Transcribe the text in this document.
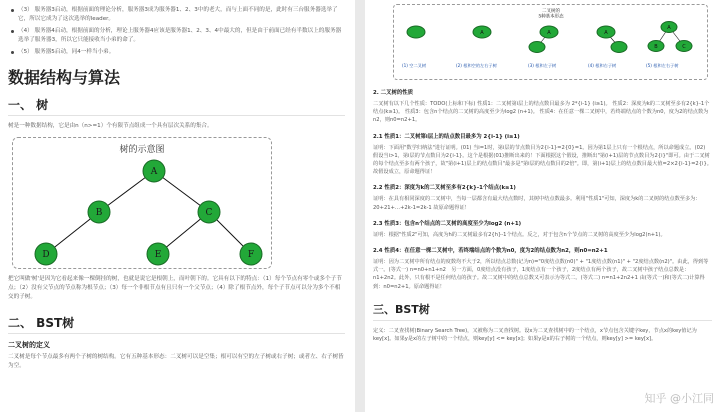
（3） 服务器3启动，根据前面的理论分析，服务器3成为服务器1、2、3中的老大，而与上面不同的是，此时有三台服务器选举了它，所以它成为了这次选举的leader。
（4） 服务器4启动，根据前面的分析，理论上服务器4应该是服务器1、2、3、4中最大的，但是由于前面已经有半数以上的服务器选举了服务器3，所以它只能接收当小弟的命了。
（5） 服务器5启动，同4一样当小弟。
数据结构与算法
一、 树
树是一种数据结构，它是由n（n>=1）个有限节点组成一个具有层次关系的集合。
树的示意图
A
B	C
D	E	F
把它叫做'树'是因为它看起来像一棵倒挂的树，也就是说它是根朝上，而叶朝下的。它具有以下的特点：（1）每个节点有零个或多个子节点；（2）没有父节点的节点称为根节点；（3）每一个非根节点有且只有一个父节点；（4）除了根节点外，每个子节点可以分为多个不相交的子树。
二、 BST树
二叉树的定义
二叉树是每个节点最多有两个子树的树结构。它有五种基本形态：二叉树可以是空集；根可以有空的左子树或右子树；或者左、右子树皆为空。
二叉树的
5种基本形态
A	A	A
A
B	C
(1) 空二叉树	(2) 根和空的左右子树	(3) 根和左子树	(4) 根和右子树	(5) 根和左右子树
2. 二叉树的性质
二叉树有以下几个性质：TODO(上标和下标) 性质1：二叉树第i层上的结点数目最多为 2*{i-1} (i≥1)。 性质2：深度为k的二叉树至多有2{k}-1个结点(k≥1)。 性质3：包含n个结点的二叉树的高度至少为log2 (n+1)。 性质4：在任意一棵二叉树中，若终端结点的个数为n0，度为2的结点数为n2，则n0=n2+1。
2.1 性质1：二叉树第i层上的结点数目最多为 2{i-1} (i≥1)
证明：下面用"数学归纳法"进行证明。(01) 当i=1时，第i层的节点数目为2{i-1}=2{0}=1。因为第1层上只有一个根结点，所以命题成立。(02) 假设当i>1，第i层的节点数目为2{i-1}。这个是根据(01)推断出来的！下面根据这个假设，推断出"第(i+1)层的节点数目为2{i}"即可。由于二叉树的每个结点至多有两个孩子，故"第(i+1)层上的结点数目"最多是"第i层的结点数目的2倍"。即，第(i+1)层上的结点数目最大值=2×2{i-1}=2{i}。故假设成立，原命题得证！
2.2 性质2：深度为k的二叉树至多有2{k}-1个结点(k≥1)
证明：在具有相同深度的二叉树中，当每一层都含有最大结点数时，其树中结点数最多。利用"性质1"可知，深度为k的二叉树的结点数至多为：20+21+…+2k-1=2k-1 故原命题得证！
2.3 性质3：包含n个结点的二叉树的高度至少为log2 (n+1)
证明：根据"性质2"可知，高度为h的二叉树最多有2{h}-1个结点。反之，对于包含n个节点的二叉树的高度至少为log2(n+1)。
2.4 性质4：在任意一棵二叉树中，若终端结点的个数为n0，度为2的结点数为n2，则n0=n2+1
证明：因为二叉树中所有结点的度数均不大于2，所以结点总数(记为n)="0度结点数(n0)" + "1度结点数(n1)" + "2度结点数(n2)"。由此，得到等式一。(等式一) n=n0+n1+n2　另一方面，0度结点没有孩子，1度结点有一个孩子，2度结点有两个孩子，故二叉树中孩子结点总数是：n1+2n2。此外，只有根不是任何结点的孩子。故二叉树中的结点总数又可表示为等式二。(等式二) n=n1+2n2+1 由(等式一)和(等式二)计算得到：n0=n2+1。原命题得证！
三、BST树
定义：二叉查找树(Binary Search Tree)，又被称为二叉查找树。设x为二叉查找树中的一个结点，x节点包含关键字key，节点x的key值记为key[x]。如果y是x的左子树中的一个结点，则key[y] <= key[x]；如果y是x的右子树的一个结点，则key[y] >= key[x]。
知乎 @小江同
